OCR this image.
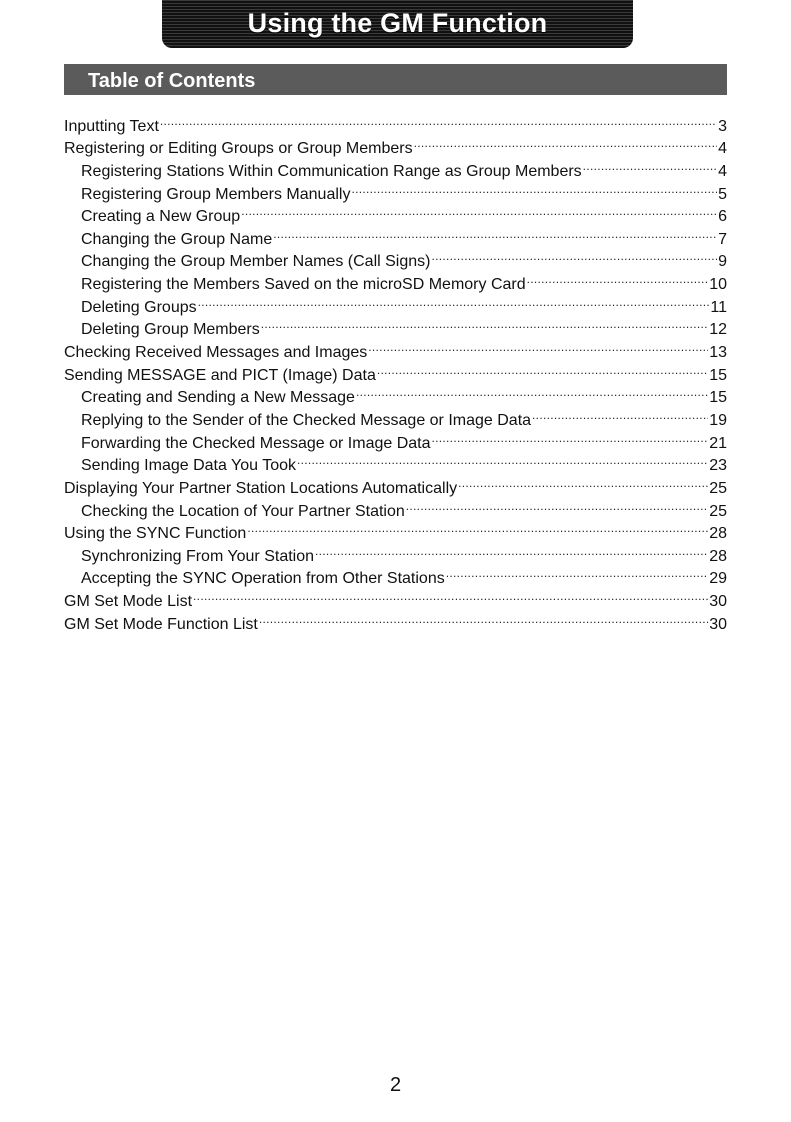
Using the GM Function
Table of Contents
Inputting Text .....	3
Registering or Editing Groups or Group Members .....	4
Registering Stations Within Communication Range as Group Members .....	4
Registering Group Members Manually .....	5
Creating a New Group .....	6
Changing the Group Name .....	7
Changing the Group Member Names (Call Signs) .....	9
Registering the Members Saved on the microSD Memory Card .....	10
Deleting Groups .....	11
Deleting Group Members .....	12
Checking Received Messages and Images .....	13
Sending MESSAGE and PICT (Image) Data .....	15
Creating and Sending a New Message .....	15
Replying to the Sender of the Checked Message or Image Data .....	19
Forwarding the Checked Message or Image Data .....	21
Sending Image Data You Took .....	23
Displaying Your Partner Station Locations Automatically .....	25
Checking the Location of Your Partner Station .....	25
Using the SYNC Function .....	28
Synchronizing From Your Station .....	28
Accepting the SYNC Operation from Other Stations .....	29
GM Set Mode List .....	30
GM Set Mode Function List .....	30
2
